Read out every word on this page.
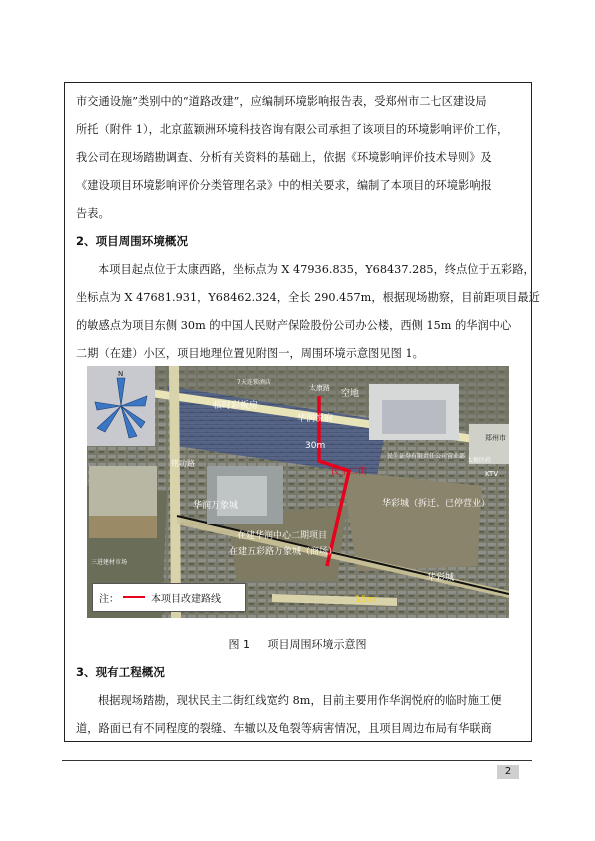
市交通设施”类别中的“道路改建”，应编制环境影响报告表，受郑州市二七区建设局
所托（附件 1），北京蓝颖洲环境科技咨询有限公司承担了该项目的环境影响评价工作，
我公司在现场踏勘调查、分析有关资料的基础上，依据《环境影响评价技术导则》及
《建设项目环境影响评价分类管理名录》中的相关要求，编制了本项目的环境影响报
告表。
2、项目周围环境概况
本项目起点位于太康西路，坐标点为 X 47936.835，Y68437.285，终点位于五彩路，
坐标点为 X 47681.931，Y68462.324，全长 290.457m，根据现场勘察，目前距项目最近
的敏感点为项目东侧 30m 的中国人民财产保险股份公司办公楼，西侧 15m 的华润中心
二期（在建）小区，项目地理位置见附图一，周围环境示意图见图 1。
临时彩板房
空地
太康路
华润悦府
30m
民主二街
在建华润中心二期项目
华彩城（拆迁、已停营业）
在建五彩路万象城（商场）
15m
华润万象城
华彩城
铭功路
郑州市
7天连锁酒店
民生证券有限责任公司营业部
KTV
太极医药
三进建材市场
N
注：	本项目改建路线
图 1 项目周围环境示意图
3、现有工程概况
根据现场踏勘，现状民主二街红线宽约 8m，目前主要用作华润悦府的临时施工便
道，路面已有不同程度的裂缝、车辙以及龟裂等病害情况，且项目周边布局有华联商
2
